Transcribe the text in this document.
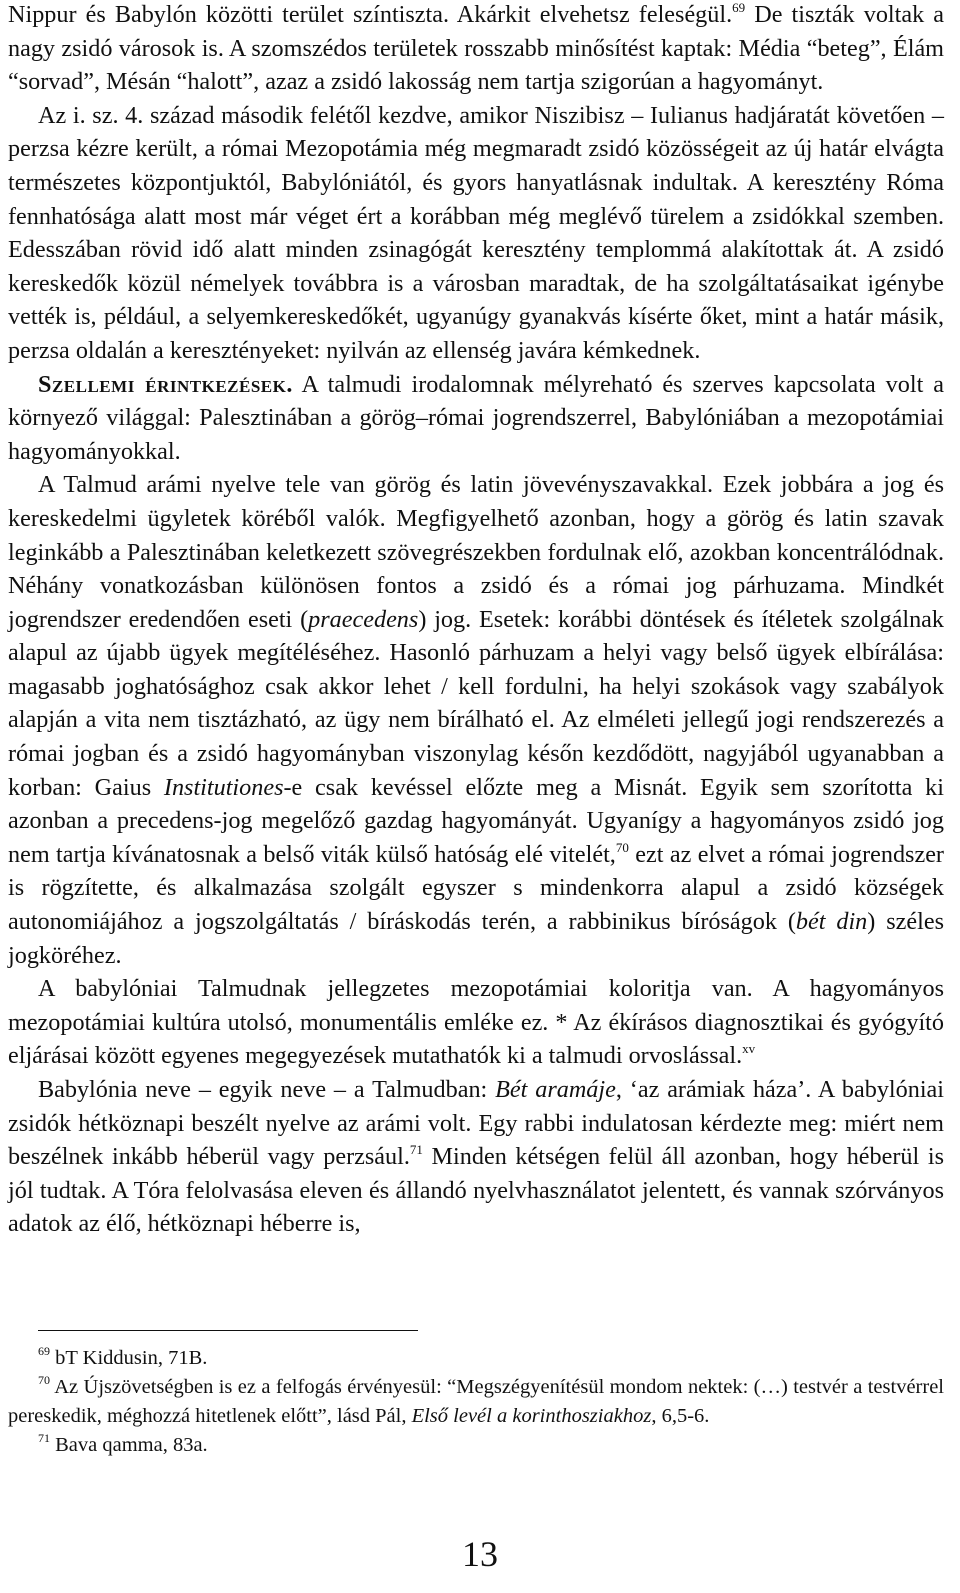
Nippur és Babylón közötti terület színtiszta. Akárkit elvehetsz feleségül.$^{69}$ De tiszták voltak a nagy zsidó városok is. A szomszédos területek rosszabb minősítést kaptak: Média “beteg”, Élám “sorvad”, Mésán “halott”, azaz a zsidó lakosság nem tartja szigorúan a hagyományt.

Az i. sz. 4. század második felétől kezdve, amikor Niszibisz – Iulianus hadjáratát követően – perzsa kézre került, a római Mezopotámia még megmaradt zsidó közösségeit az új határ elvágta természetes központjuktól, Babylóniától, és gyors hanyatlásnak indultak. A keresztény Róma fennhatósága alatt most már véget ért a korábban még meglévő türelem a zsidókkal szemben. Edesszában rövid idő alatt minden zsinagógát keresztény templommá alakítottak át. A zsidó kereskedők közül némelyek továbbra is a városban maradtak, de ha szolgáltatásaikat igénybe vették is, például, a selyemkereskedőkét, ugyanúgy gyanakvás kísérte őket, mint a határ másik, perzsa oldalán a keresztényeket: nyilván az ellenség javára kémkednek.

Szellemi érintkezések. A talmudi irodalomnak mélyreható és szerves kapcsolata volt a környező világgal: Palesztinában a görög–római jogrendszerrel, Babylóniában a mezopotámiai hagyományokkal.

A Talmud arámi nyelve tele van görög és latin jövevényszavakkal. Ezek jobbára a jog és kereskedelmi ügyletek köréből valók. Megfigyelhető azonban, hogy a görög és latin szavak leginkább a Palesztinában keletkezett szövegrészekben fordulnak elő, azokban koncentrálódnak. Néhány vonatkozásban különösen fontos a zsidó és a római jog párhuzama. Mindkét jogrendszer eredendően eseti (praecedens) jog. Esetek: korábbi döntések és ítéletek szolgálnak alapul az újabb ügyek megítéléséhez. Hasonló párhuzam a helyi vagy belső ügyek elbírálása: magasabb joghatósághoz csak akkor lehet / kell fordulni, ha helyi szokások vagy szabályok alapján a vita nem tisztázható, az ügy nem bírálható el. Az elméleti jellegű jogi rendszerezés a római jogban és a zsidó hagyományban viszonylag későn kezdődött, nagyjából ugyanabban a korban: Gaius Institutiones-e csak kevéssel előzte meg a Misnát. Egyik sem szorította ki azonban a precedens-jog megelőző gazdag hagyományát. Ugyanígy a hagyományos zsidó jog nem tartja kívánatosnak a belső viták külső hatóság elé vitelét,$^{70}$ ezt az elvet a római jogrendszer is rögzítette, és alkalmazása szolgált egyszer s mindenkorra alapul a zsidó községek autonomiájához a jogszolgáltatás / bíráskodás terén, a rabbinikus bíróságok (bét din) széles jogköréhez.

A babylóniai Talmudnak jellegzetes mezopotámiai koloritja van. A hagyományos mezopotámiai kultúra utolsó, monumentális emléke ez. * Az ékírásos diagnosztikai és gyógyító eljárásai között egyenes megegyezések mutathatók ki a talmudi orvoslással.$^{xv}$

Babylónia neve – egyik neve – a Talmudban: Bét aramáje, ‘az arámiak háza’. A babylóniai zsidók hétköznapi beszélt nyelve az arámi volt. Egy rabbi indulatosan kérdezte meg: miért nem beszélnek inkább héberül vagy perzsául.$^{71}$ Minden kétségen felül áll azonban, hogy héberül is jól tudtak. A Tóra felolvasása eleven és állandó nyelvhasználatot jelentett, és vannak szórványos adatok az élő, hétköznapi héberre is,

$^{69}$ bT Kiddusin, 71B.

$^{70}$ Az Újszövetségben is ez a felfogás érvényesül: “Megszégyenítésül mondom nektek: (…) testvér a testvérrel pereskedik, méghozzá hitetlenek előtt”, lásd Pál, Első levél a korinthosziakhoz, 6,5-6.

$^{71}$ Bava qamma, 83a.

13
